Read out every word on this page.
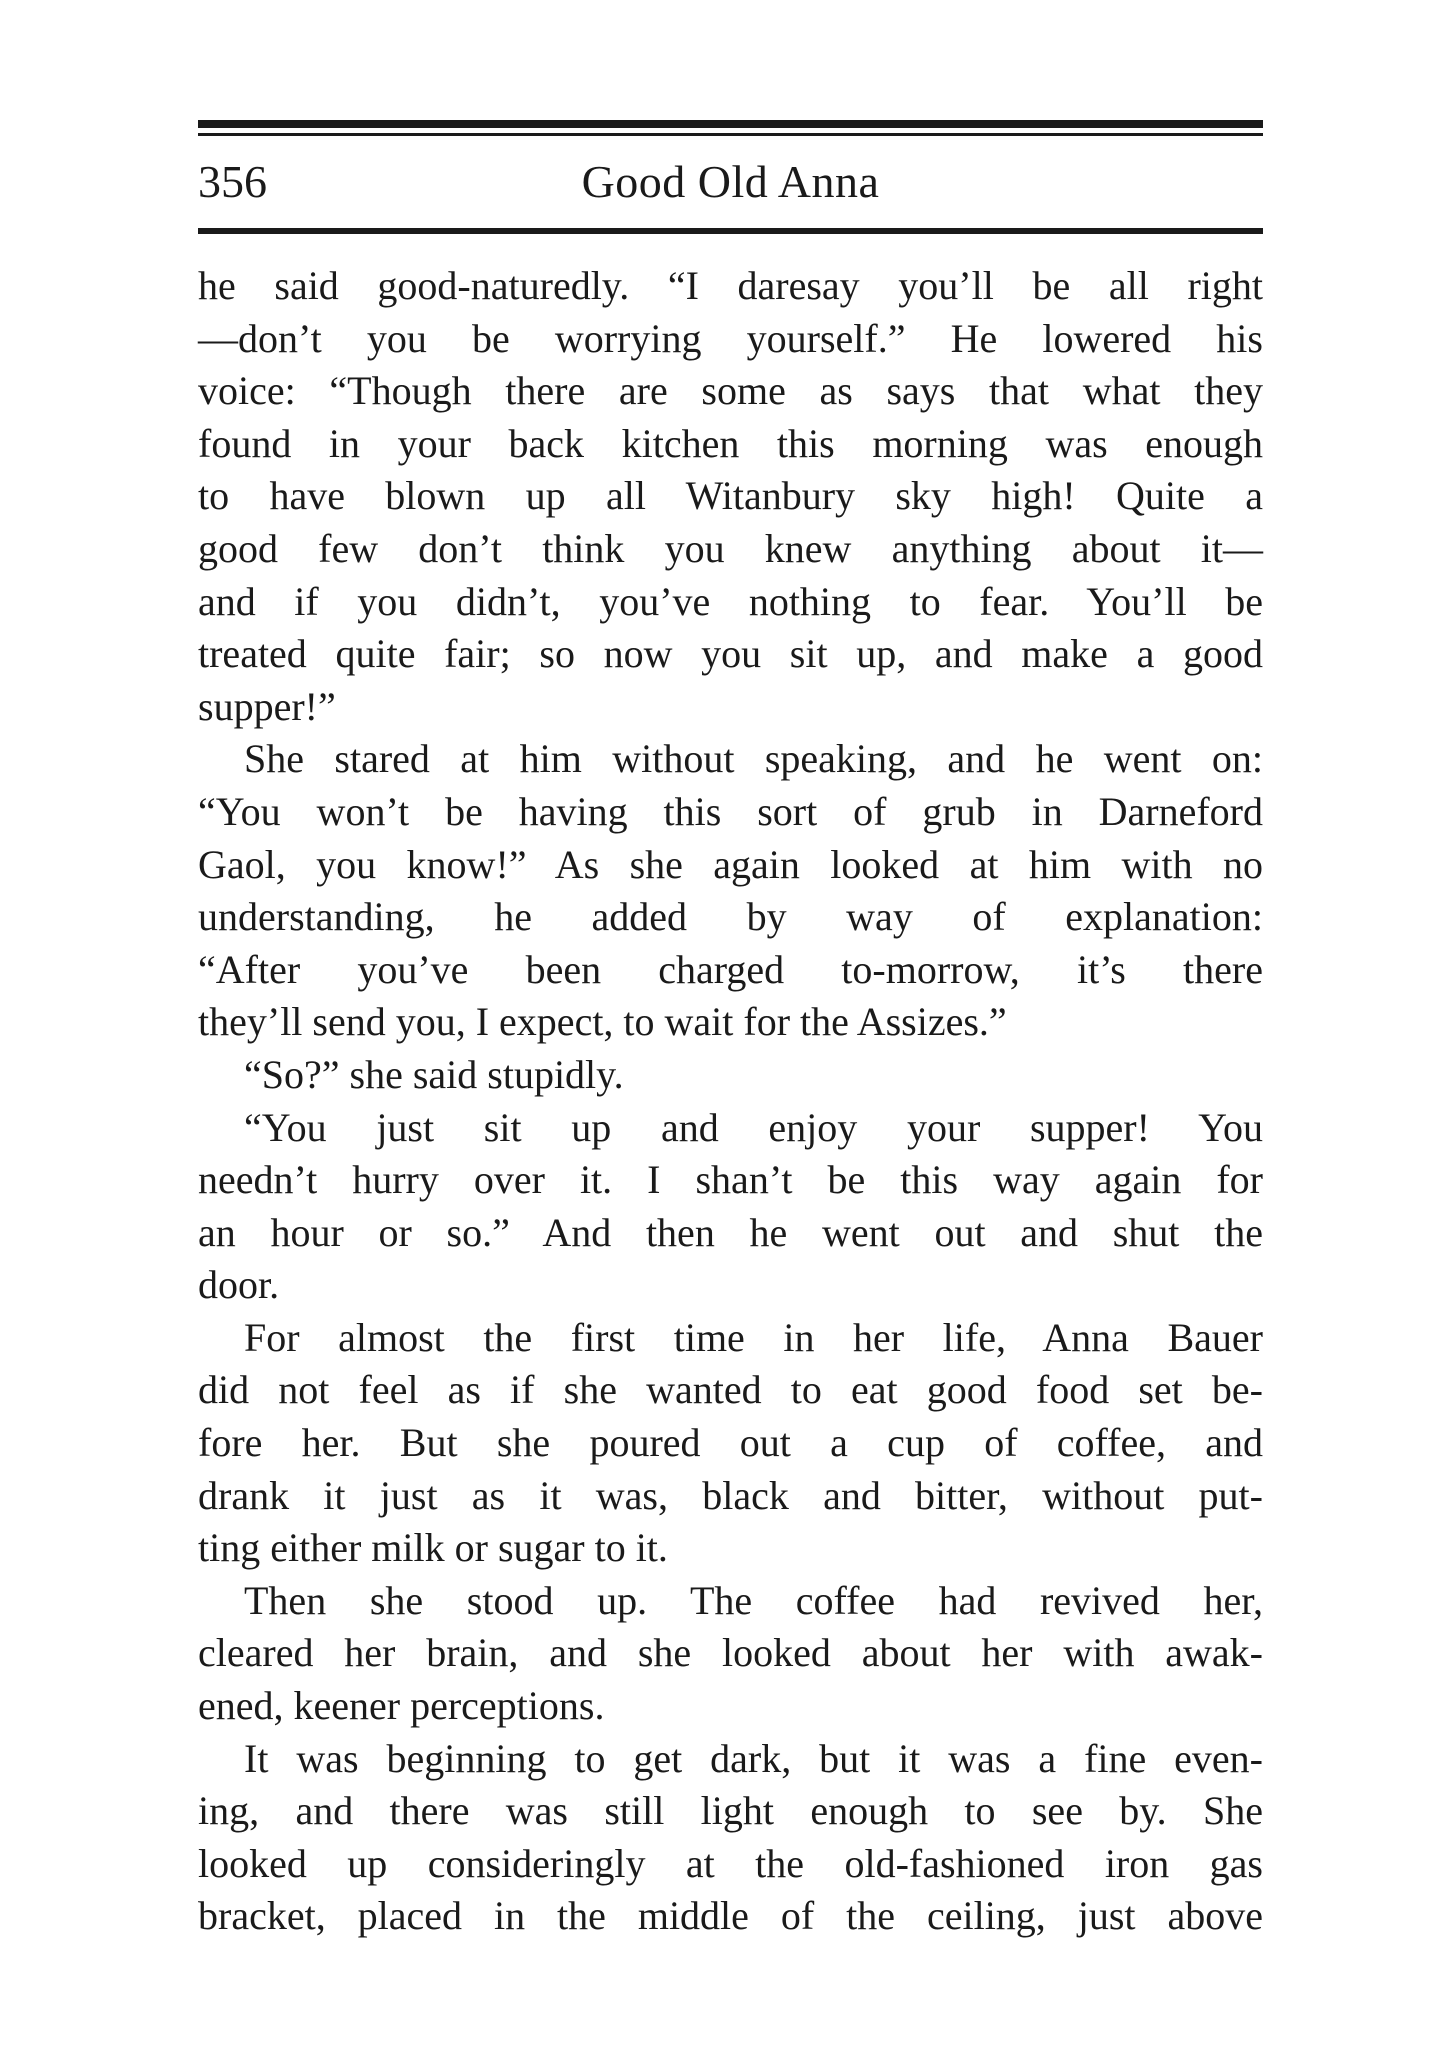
356	Good Old Anna
he said good-naturedly. “I daresay you’ll be all right
—don’t you be worrying yourself.” He lowered his
voice: “Though there are some as says that what they
found in your back kitchen this morning was enough
to have blown up all Witanbury sky high! Quite a
good few don’t think you knew anything about it—
and if you didn’t, you’ve nothing to fear. You’ll be
treated quite fair; so now you sit up, and make a good
supper!”
She stared at him without speaking, and he went on:
“You won’t be having this sort of grub in Darneford
Gaol, you know!” As she again looked at him with no
understanding, he added by way of explanation:
“After you’ve been charged to-morrow, it’s there
they’ll send you, I expect, to wait for the Assizes.”
“So?” she said stupidly.
“You just sit up and enjoy your supper! You
needn’t hurry over it. I shan’t be this way again for
an hour or so.” And then he went out and shut the
door.
For almost the first time in her life, Anna Bauer
did not feel as if she wanted to eat good food set be-
fore her. But she poured out a cup of coffee, and
drank it just as it was, black and bitter, without put-
ting either milk or sugar to it.
Then she stood up. The coffee had revived her,
cleared her brain, and she looked about her with awak-
ened, keener perceptions.
It was beginning to get dark, but it was a fine even-
ing, and there was still light enough to see by. She
looked up consideringly at the old-fashioned iron gas
bracket, placed in the middle of the ceiling, just above
